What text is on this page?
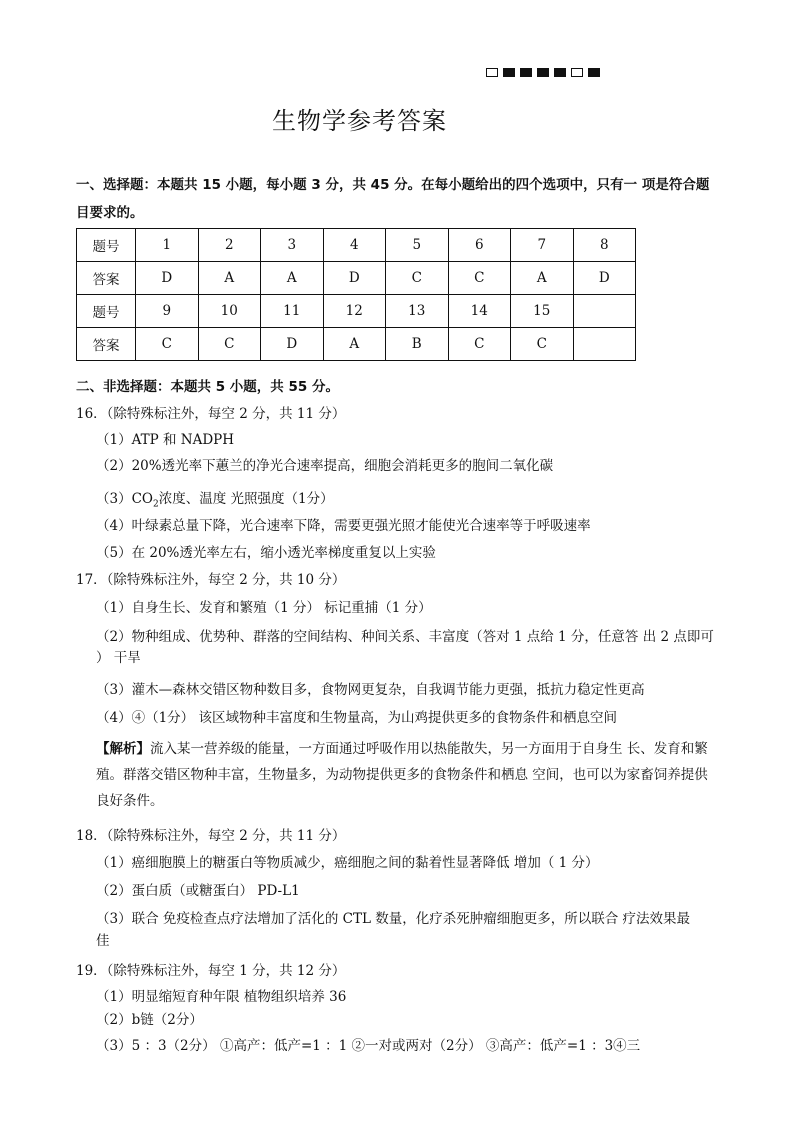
生物学参考答案
一、选择题：本题共 15 小题，每小题 3 分，共 45 分。在每小题给出的四个选项中，只有一 项是符合题
目要求的。
题号	1	2	3	4	5	6	7	8
答案	D	A	A	D	C	C	A	D
题号	9	10	11	12	13	14	15	
答案	C	C	D	A	B	C	C	
二、非选择题：本题共 5 小题，共 55 分。
16．（除特殊标注外，每空 2 分，共 11 分）
（1）ATP 和 NADPH
（2）20%透光率下蕙兰的净光合速率提高，细胞会消耗更多的胞间二氧化碳
$(3)CO_2$浓度、温度 光照强度（1分）
（4）叶绿素总量下降，光合速率下降，需要更强光照才能使光合速率等于呼吸速率
（5）在 20%透光率左右，缩小透光率梯度重复以上实验
17．（除特殊标注外，每空 2 分，共 10 分）
（1）自身生长、发育和繁殖（1 分） 标记重捕（1 分）
（2）物种组成、优势种、群落的空间结构、种间关系、丰富度（答对 1 点给 1 分，任意答 出 2 点即可
） 干旱
（3）灌木—森林交错区物种数目多，食物网更复杂，自我调节能力更强，抵抗力稳定性更高
（4）④（1分） 该区域物种丰富度和生物量高，为山鸡提供更多的食物条件和栖息空间
【解析】流入某一营养级的能量，一方面通过呼吸作用以热能散失，另一方面用于自身生 长、发育和繁殖。群落交错区物种丰富，生物量多，为动物提供更多的食物条件和栖息 空间，也可以为家畜饲养提供良好条件。
18．（除特殊标注外，每空 2 分，共 11 分）
（1）癌细胞膜上的糖蛋白等物质减少，癌细胞之间的黏着性显著降低 增加（ 1 分）
（2）蛋白质（或糖蛋白） PD-L1
（3）联合 免疫检查点疗法增加了活化的 CTL 数量，化疗杀死肿瘤细胞更多，所以联合 疗法效果最
佳
19．（除特殊标注外，每空 1 分，共 12 分）
（1）明显缩短育种年限 植物组织培养 36
（2）b链（2分）
（3）5 ：3（2分） ①高产：低产=1 ：1 ②一对或两对（2分） ③高产：低产=1 ：3④三
